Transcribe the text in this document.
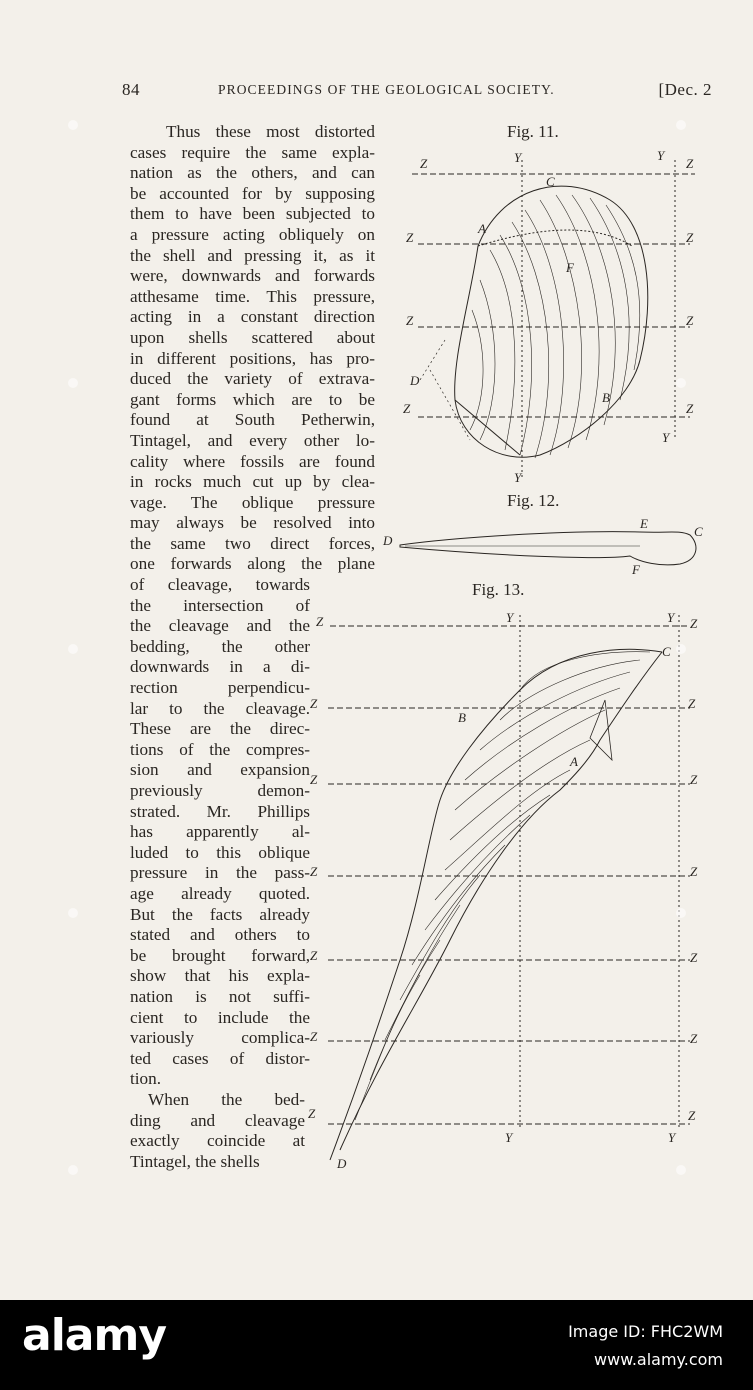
84	PROCEEDINGS OF THE GEOLOGICAL SOCIETY.	[Dec. 2
Thus these most distorted
cases require the same expla-
nation as the others, and can
be accounted for by supposing
them to have been subjected to
a pressure acting obliquely on
the shell and pressing it, as it
were, downwards and forwards
atthesame time. This pressure,
acting in a constant direction
upon shells scattered about
in different positions, has pro-
duced the variety of extrava-
gant forms which are to be
found at South Petherwin,
Tintagel, and every other lo-
cality where fossils are found
in rocks much cut up by clea-
vage. The oblique pressure
may always be resolved into
the same two direct forces,
one forwards along the plane
of cleavage, towards
the intersection of
the cleavage and the
bedding, the other
downwards in a di-
rection perpendicu-
lar to the cleavage.
These are the direc-
tions of the compres-
sion and expansion
previously demon-
strated. Mr. Phillips
has apparently al-
luded to this oblique
pressure in the pass-
age already quoted.
But the facts already
stated and others to
be brought forward,
show that his expla-
nation is not suffi-
cient to include the
variously complica-
ted cases of distor-
tion.
When the bed-
ding and cleavage
exactly coincide at
Tintagel, the shells
Fig. 11.
Fig. 12.
Fig. 13.
Z	Y	Y
Z
C
Z
A
Z
F
Z	Z
D
B
Z	Z
Y
Y
D
E
C
F
Z	Y	Y Z
C
Z	Z
B
A
Z	Z
Z	Z
Z	Z
Z	Z
Z	Z
Y	Y
D
alamy	Image ID: FHC2WM
www.alamy.com
